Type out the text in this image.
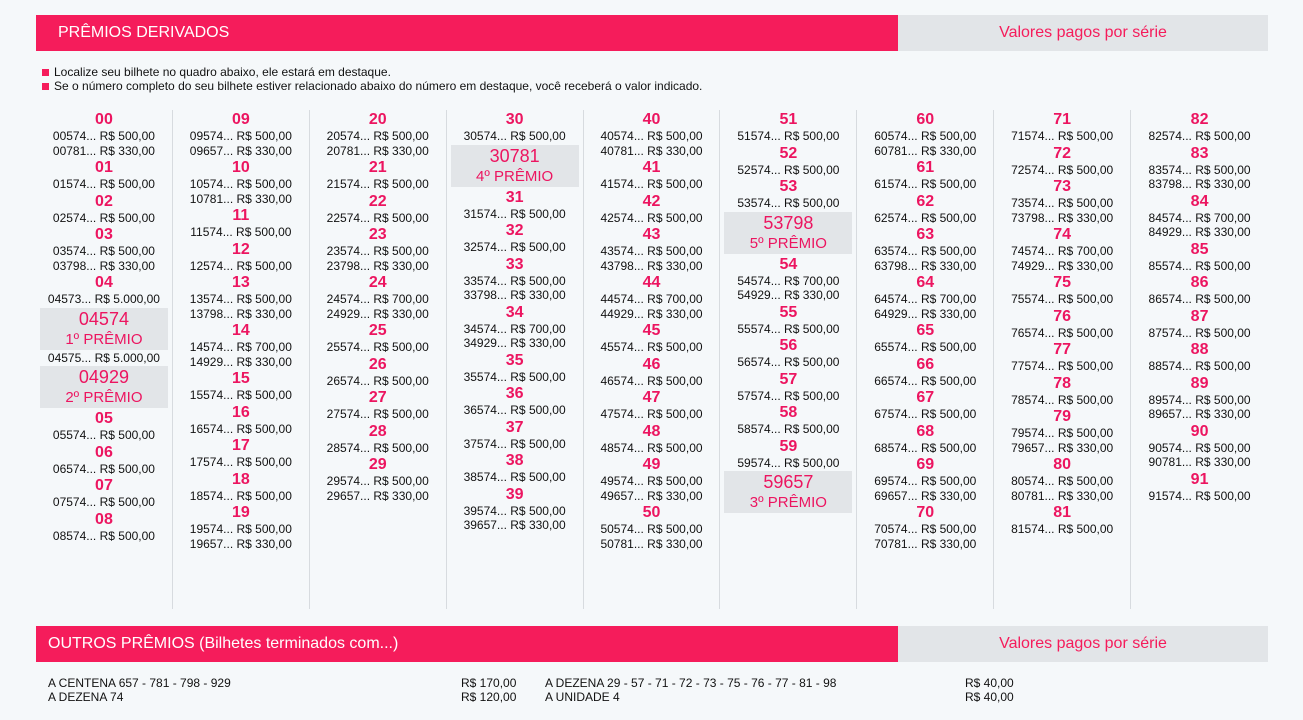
PRÊMIOS DERIVADOS	Valores pagos por série
Localize seu bilhete no quadro abaixo, ele estará em destaque.
Se o número completo do seu bilhete estiver relacionado abaixo do número em destaque, você receberá o valor indicado.
00
00574... R$ 500,00
00781... R$ 330,00
01
01574... R$ 500,00
02
02574... R$ 500,00
03
03574... R$ 500,00
03798... R$ 330,00
04
04573... R$ 5.000,00
04574
1º PRÊMIO
04575... R$ 5.000,00
04929
2º PRÊMIO
05
05574... R$ 500,00
06
06574... R$ 500,00
07
07574... R$ 500,00
08
08574... R$ 500,00
09
09574... R$ 500,00
09657... R$ 330,00
10
10574... R$ 500,00
10781... R$ 330,00
11
11574... R$ 500,00
12
12574... R$ 500,00
13
13574... R$ 500,00
13798... R$ 330,00
14
14574... R$ 700,00
14929... R$ 330,00
15
15574... R$ 500,00
16
16574... R$ 500,00
17
17574... R$ 500,00
18
18574... R$ 500,00
19
19574... R$ 500,00
19657... R$ 330,00
20
20574... R$ 500,00
20781... R$ 330,00
21
21574... R$ 500,00
22
22574... R$ 500,00
23
23574... R$ 500,00
23798... R$ 330,00
24
24574... R$ 700,00
24929... R$ 330,00
25
25574... R$ 500,00
26
26574... R$ 500,00
27
27574... R$ 500,00
28
28574... R$ 500,00
29
29574... R$ 500,00
29657... R$ 330,00
30
30574... R$ 500,00
30781
4º PRÊMIO
31
31574... R$ 500,00
32
32574... R$ 500,00
33
33574... R$ 500,00
33798... R$ 330,00
34
34574... R$ 700,00
34929... R$ 330,00
35
35574... R$ 500,00
36
36574... R$ 500,00
37
37574... R$ 500,00
38
38574... R$ 500,00
39
39574... R$ 500,00
39657... R$ 330,00
40
40574... R$ 500,00
40781... R$ 330,00
41
41574... R$ 500,00
42
42574... R$ 500,00
43
43574... R$ 500,00
43798... R$ 330,00
44
44574... R$ 700,00
44929... R$ 330,00
45
45574... R$ 500,00
46
46574... R$ 500,00
47
47574... R$ 500,00
48
48574... R$ 500,00
49
49574... R$ 500,00
49657... R$ 330,00
50
50574... R$ 500,00
50781... R$ 330,00
51
51574... R$ 500,00
52
52574... R$ 500,00
53
53574... R$ 500,00
53798
5º PRÊMIO
54
54574... R$ 700,00
54929... R$ 330,00
55
55574... R$ 500,00
56
56574... R$ 500,00
57
57574... R$ 500,00
58
58574... R$ 500,00
59
59574... R$ 500,00
59657
3º PRÊMIO
60
60574... R$ 500,00
60781... R$ 330,00
61
61574... R$ 500,00
62
62574... R$ 500,00
63
63574... R$ 500,00
63798... R$ 330,00
64
64574... R$ 700,00
64929... R$ 330,00
65
65574... R$ 500,00
66
66574... R$ 500,00
67
67574... R$ 500,00
68
68574... R$ 500,00
69
69574... R$ 500,00
69657... R$ 330,00
70
70574... R$ 500,00
70781... R$ 330,00
71
71574... R$ 500,00
72
72574... R$ 500,00
73
73574... R$ 500,00
73798... R$ 330,00
74
74574... R$ 700,00
74929... R$ 330,00
75
75574... R$ 500,00
76
76574... R$ 500,00
77
77574... R$ 500,00
78
78574... R$ 500,00
79
79574... R$ 500,00
79657... R$ 330,00
80
80574... R$ 500,00
80781... R$ 330,00
81
81574... R$ 500,00
82
82574... R$ 500,00
83
83574... R$ 500,00
83798... R$ 330,00
84
84574... R$ 700,00
84929... R$ 330,00
85
85574... R$ 500,00
86
86574... R$ 500,00
87
87574... R$ 500,00
88
88574... R$ 500,00
89
89574... R$ 500,00
89657... R$ 330,00
90
90574... R$ 500,00
90781... R$ 330,00
91
91574... R$ 500,00
OUTROS PRÊMIOS (Bilhetes terminados com...)	Valores pagos por série
A CENTENA 657 - 781 - 798 - 929
A DEZENA 74
R$ 170,00
R$ 120,00
A DEZENA 29 - 57 - 71 - 72 - 73 - 75 - 76 - 77 - 81 - 98
A UNIDADE 4
R$ 40,00
R$ 40,00
